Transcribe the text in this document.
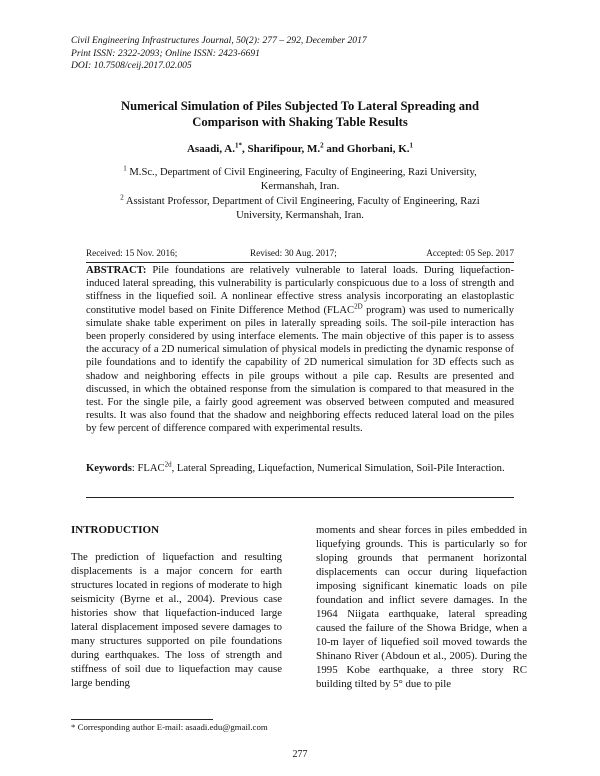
Civil Engineering Infrastructures Journal, 50(2): 277 – 292, December 2017
Print ISSN: 2322-2093; Online ISSN: 2423-6691
DOI: 10.7508/ceij.2017.02.005
Numerical Simulation of Piles Subjected To Lateral Spreading and
Comparison with Shaking Table Results
Asaadi, A.$^{1*}$, Sharifipour, M.$^2$ and Ghorbani, K.$^1$
$^1$ M.Sc., Department of Civil Engineering, Faculty of Engineering, Razi University,
Kermanshah, Iran.
$^2$ Assistant Professor, Department of Civil Engineering, Faculty of Engineering, Razi
University, Kermanshah, Iran.
Received: 15 Nov. 2016;	Revised: 30 Aug. 2017;	Accepted: 05 Sep. 2017
ABSTRACT: Pile foundations are relatively vulnerable to lateral loads. During liquefaction-induced lateral spreading, this vulnerability is particularly conspicuous due to a loss of strength and stiffness in the liquefied soil. A nonlinear effective stress analysis incorporating an elastoplastic constitutive model based on Finite Difference Method ($FLAC^{2D}$ program) was used to numerically simulate shake table experiment on piles in laterally spreading soils. The soil-pile interaction has been properly considered by using interface elements. The main objective of this paper is to assess the accuracy of a 2D numerical simulation of physical models in predicting the dynamic response of pile foundations and to identify the capability of 2D numerical simulation for 3D effects such as shadow and neighboring effects in pile groups without a pile cap. Results are presented and discussed, in which the obtained response from the simulation is compared to that measured in the test. For the single pile, a fairly good agreement was observed between computed and measured results. It was also found that the shadow and neighboring effects reduced lateral load on the piles by few percent of difference compared with experimental results.
Keywords: $FLAC^{2d}$, Lateral Spreading, Liquefaction, Numerical Simulation, Soil-Pile Interaction.
INTRODUCTION

The prediction of liquefaction and resulting displacements is a major concern for earth structures located in regions of moderate to high seismicity (Byrne et al., 2004). Previous case histories show that liquefaction-induced large lateral displacement imposed severe damages to many structures supported on pile foundations during earthquakes. The loss of strength and stiffness of soil due to liquefaction may cause large bending

moments and shear forces in piles embedded in liquefying grounds. This is particularly so for sloping grounds that permanent horizontal displacements can occur during liquefaction imposing significant kinematic loads on pile foundation and inflict severe damages. In the 1964 Niigata earthquake, lateral spreading caused the failure of the Showa Bridge, when a 10-m layer of liquefied soil moved towards the Shinano River (Abdoun et al., 2005). During the 1995 Kobe earthquake, a three story RC building tilted by 5° due to pile

* Corresponding author E-mail: asaadi.edu@gmail.com
277
